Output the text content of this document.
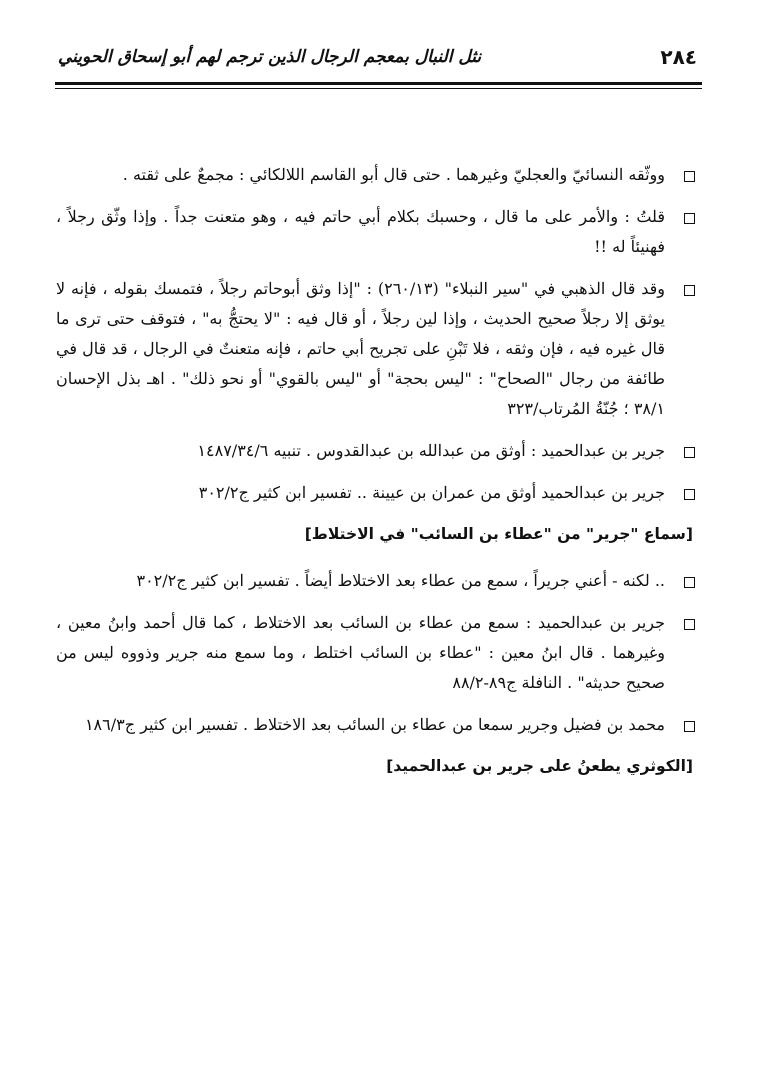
٢٨٤
نثل النبال بمعجم الرجال الذين ترجم لهم أبو إسحاق الحويني
ووثّقه النسائيّ والعجليّ وغيرهما . حتى قال أبو القاسم اللالكائي : مجمعٌ على ثقته .
قلتُ : والأمر على ما قال ، وحسبك بكلام أبي حاتم فيه ، وهو متعنت جداً . وإذا وثّق رجلاً ، فهنيئاً له !!
وقد قال الذهبي في "سير النبلاء" (٢٦٠/١٣) : "إذا وثق أبوحاتم رجلاً ، فتمسك بقوله ، فإنه لا يوثق إلا رجلاً صحيح الحديث ، وإذا لين رجلاً ، أو قال فيه : "لا يحتجُّ به" ، فتوقف حتى ترى ما قال غيره فيه ، فإن وثقه ، فلا تَبْنِ على تجريح أبي حاتم ، فإنه متعنتٌ في الرجال ، قد قال في طائفة من رجال "الصحاح" : "ليس بحجة" أو "ليس بالقوي" أو نحو ذلك" . اهـ بذل الإحسان ٣٨/١ ؛ جُنّةُ المُرتاب/٣٢٣
جرير بن عبدالحميد : أوثق من عبدالله بن عبدالقدوس . تنبيه ١٤٨٧/٣٤/٦
جرير بن عبدالحميد أوثق من عمران بن عيينة .. تفسير ابن كثير ج٣٠٢/٢
[سماع "جرير" من "عطاء بن السائب" في الاختلاط]
.. لكنه - أعني جريراً ، سمع من عطاء بعد الاختلاط أيضاً . تفسير ابن كثير ج٣٠٢/٢
جرير بن عبدالحميد : سمع من عطاء بن السائب بعد الاختلاط ، كما قال أحمد وابنُ معين ، وغيرهما . قال ابنُ معين : "عطاء بن السائب اختلط ، وما سمع منه جرير وذووه ليس من صحيح حديثه" . النافلة ج٨٩-٨٨/٢
محمد بن فضيل وجرير سمعا من عطاء بن السائب بعد الاختلاط . تفسير ابن كثير ج١٨٦/٣
[الكوثري يطعنُ على جرير بن عبدالحميد]
